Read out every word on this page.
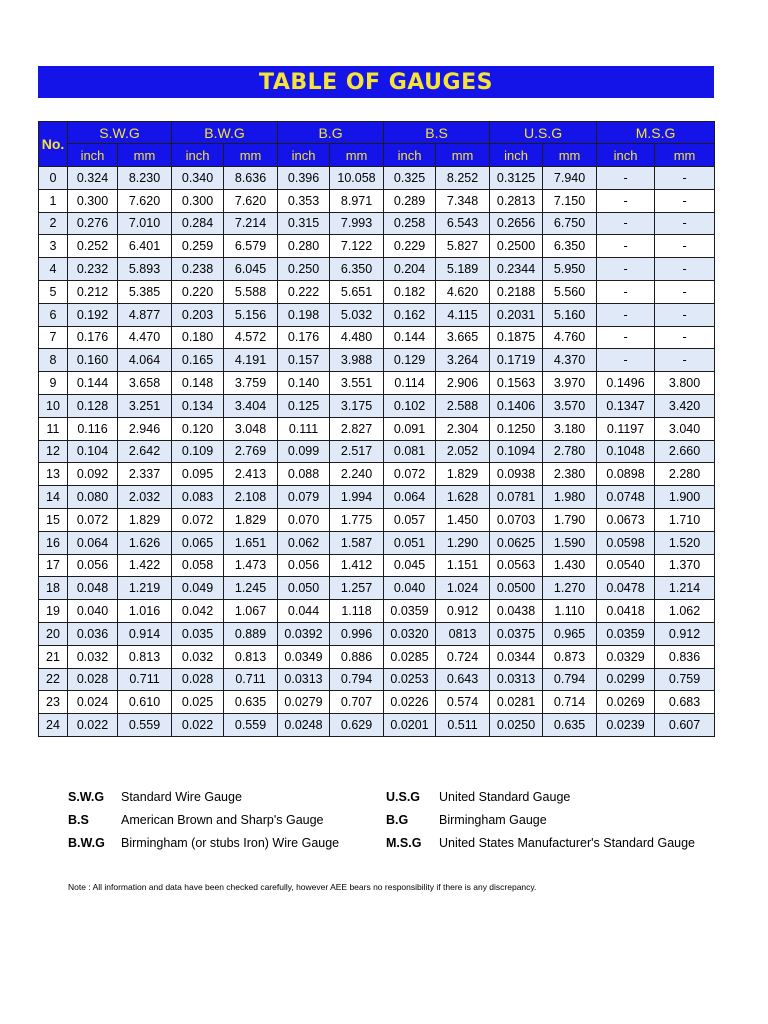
TABLE OF GAUGES
No.	S.W.G		B.W.G		B.G		B.S		U.S.G		M.S.G	
	inch	mm	inch	mm	inch	mm	inch	mm	inch	mm	inch	mm
0	0.324	8.230	0.340	8.636	0.396	10.058	0.325	8.252	0.3125	7.940	-	-
1	0.300	7.620	0.300	7.620	0.353	8.971	0.289	7.348	0.2813	7.150	-	-
2	0.276	7.010	0.284	7.214	0.315	7.993	0.258	6.543	0.2656	6.750	-	-
3	0.252	6.401	0.259	6.579	0.280	7.122	0.229	5.827	0.2500	6.350	-	-
4	0.232	5.893	0.238	6.045	0.250	6.350	0.204	5.189	0.2344	5.950	-	-
5	0.212	5.385	0.220	5.588	0.222	5.651	0.182	4.620	0.2188	5.560	-	-
6	0.192	4.877	0.203	5.156	0.198	5.032	0.162	4.115	0.2031	5.160	-	-
7	0.176	4.470	0.180	4.572	0.176	4.480	0.144	3.665	0.1875	4.760	-	-
8	0.160	4.064	0.165	4.191	0.157	3.988	0.129	3.264	0.1719	4.370	-	-
9	0.144	3.658	0.148	3.759	0.140	3.551	0.114	2.906	0.1563	3.970	0.1496	3.800
10	0.128	3.251	0.134	3.404	0.125	3.175	0.102	2.588	0.1406	3.570	0.1347	3.420
11	0.116	2.946	0.120	3.048	0.111	2.827	0.091	2.304	0.1250	3.180	0.1197	3.040
12	0.104	2.642	0.109	2.769	0.099	2.517	0.081	2.052	0.1094	2.780	0.1048	2.660
13	0.092	2.337	0.095	2.413	0.088	2.240	0.072	1.829	0.0938	2.380	0.0898	2.280
14	0.080	2.032	0.083	2.108	0.079	1.994	0.064	1.628	0.0781	1.980	0.0748	1.900
15	0.072	1.829	0.072	1.829	0.070	1.775	0.057	1.450	0.0703	1.790	0.0673	1.710
16	0.064	1.626	0.065	1.651	0.062	1.587	0.051	1.290	0.0625	1.590	0.0598	1.520
17	0.056	1.422	0.058	1.473	0.056	1.412	0.045	1.151	0.0563	1.430	0.0540	1.370
18	0.048	1.219	0.049	1.245	0.050	1.257	0.040	1.024	0.0500	1.270	0.0478	1.214
19	0.040	1.016	0.042	1.067	0.044	1.118	0.0359	0.912	0.0438	1.110	0.0418	1.062
20	0.036	0.914	0.035	0.889	0.0392	0.996	0.0320	0813	0.0375	0.965	0.0359	0.912
21	0.032	0.813	0.032	0.813	0.0349	0.886	0.0285	0.724	0.0344	0.873	0.0329	0.836
22	0.028	0.711	0.028	0.711	0.0313	0.794	0.0253	0.643	0.0313	0.794	0.0299	0.759
23	0.024	0.610	0.025	0.635	0.0279	0.707	0.0226	0.574	0.0281	0.714	0.0269	0.683
24	0.022	0.559	0.022	0.559	0.0248	0.629	0.0201	0.511	0.0250	0.635	0.0239	0.607
S.W.G	Standard Wire Gauge	U.S.G	United Standard Gauge
B.S	American Brown and Sharp's Gauge	B.G	Birmingham Gauge
B.W.G	Birmingham (or stubs Iron) Wire Gauge	M.S.G	United States Manufacturer's Standard Gauge
Note : All information and data have been checked carefully, however AEE bears no responsibility if there is any discrepancy.
